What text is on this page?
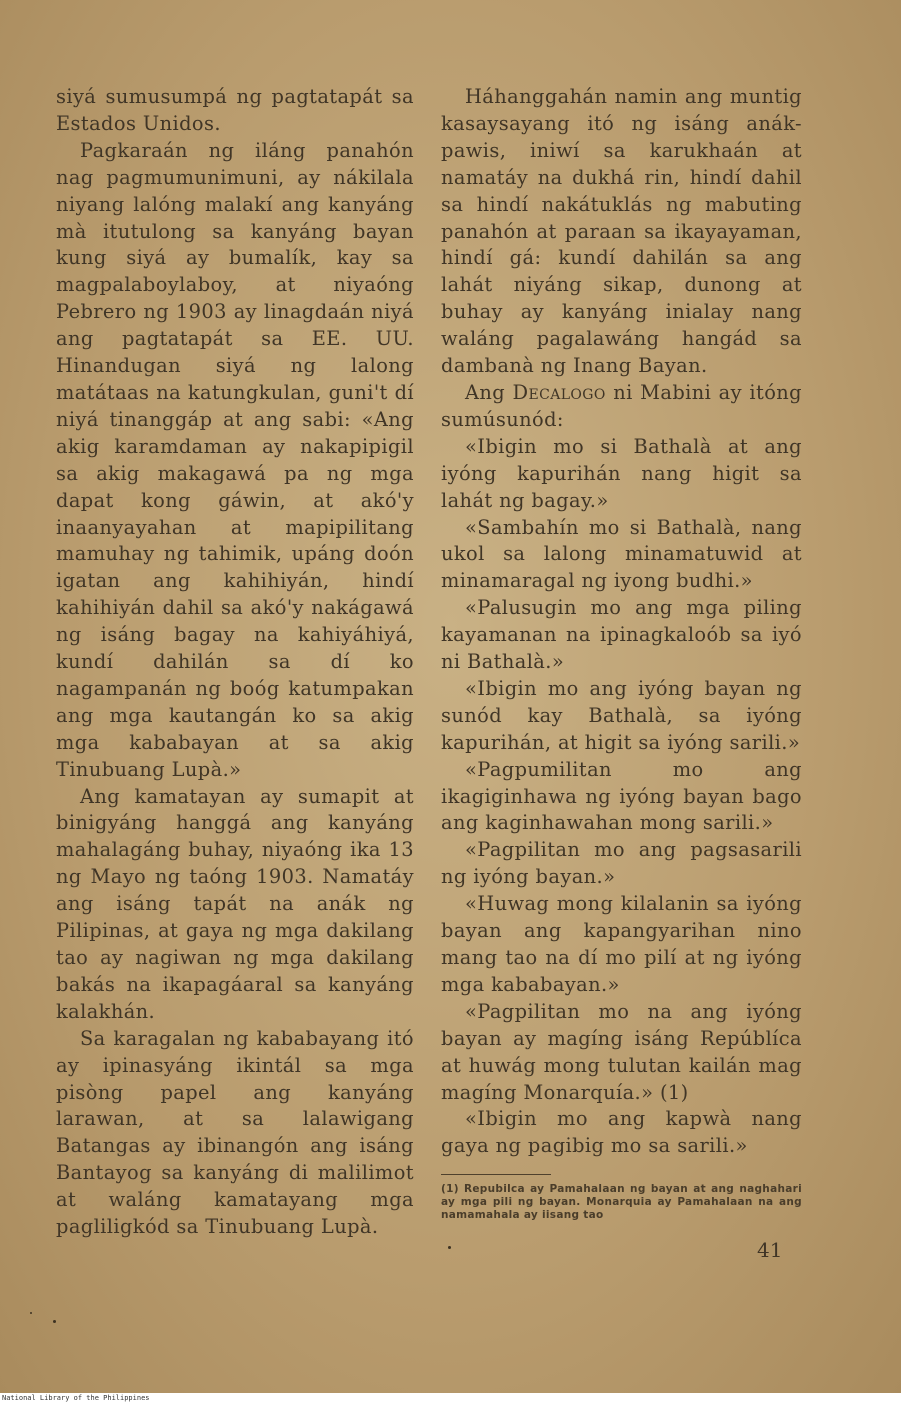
siyá sumusumpá ng pagtatapát sa Estados Unidos.

Pagkaraán ng iláng panahón nag pagmumunimuni, ay nákilala niyang lalóng malakí ang kanyáng mà itutulong sa kanyáng bayan kung siyá ay bumalík, kay sa magpalaboylaboy, at niyaóng Pebrero ng 1903 ay linagdaán niyá ang pagtatapát sa EE. UU. Hinandugan siyá ng lalong matátaas na katungkulan, guni't dí niyá tinanggáp at ang sabi: «Ang akig karamdaman ay nakapipigil sa akig makagawá pa ng mga dapat kong gáwin, at akó'y inaanyayahan at mapipilitang mamuhay ng tahimik, upáng doón igatan ang kahihiyán, hindí kahihiyán dahil sa akó'y nakágawá ng isáng bagay na kahiyáhiyá, kundí dahilán sa dí ko nagampanán ng boóg katumpakan ang mga kautangán ko sa akig mga kababayan at sa akig Tinubuang Lupà.»

Ang kamatayan ay sumapit at binigyáng hanggá ang kanyáng mahalagáng buhay, niyaóng ika 13 ng Mayo ng taóng 1903. Namatáy ang isáng tapát na anák ng Pilipinas, at gaya ng mga dakilang tao ay nagiwan ng mga dakilang bakás na ikapagáaral sa kanyáng kalakhán.

Sa karagalan ng kababayang itó ay ipinasyáng ikintál sa mga pisòng papel ang kanyáng larawan, at sa lalawigang Batangas ay ibinangón ang isáng Bantayog sa kanyáng di malilimot at waláng kamatayang mga pagliligkód sa Tinubuang Lupà.

Háhanggahán namin ang muntig kasaysayang itó ng isáng anák-pawis, iniwí sa karukhaán at namatáy na dukhá rin, hindí dahil sa hindí nakátuklás ng mabuting panahón at paraan sa ikayayaman, hindí gá: kundí dahilán sa ang lahát niyáng sikap, dunong at buhay ay kanyáng inialay nang waláng pagalawáng hangád sa dambanà ng Inang Bayan.

Ang Decalogo ni Mabini ay itóng sumúsunód:

«Ibigin mo si Bathalà at ang iyóng kapurihán nang higit sa lahát ng bagay.»

«Sambahín mo si Bathalà, nang ukol sa lalong minamatuwid at minamaragal ng iyong budhi.»

«Palusugin mo ang mga piling kayamanan na ipinagkaloób sa iyó ni Bathalà.»

«Ibigin mo ang iyóng bayan ng sunód kay Bathalà, sa iyóng kapurihán, at higit sa iyóng sarili.»

«Pagpumilitan mo ang ikagiginhawa ng iyóng bayan bago ang kaginhawahan mong sarili.»

«Pagpilitan mo ang pagsasarili ng iyóng bayan.»

«Huwag mong kilalanin sa iyóng bayan ang kapangyarihan nino mang tao na dí mo pilí at ng iyóng mga kababayan.»

«Pagpilitan mo na ang iyóng bayan ay magíng isáng Repúblíca at huwág mong tulutan kailán mag magíng Monarquía.» (1)

«Ibigin mo ang kapwà nang gaya ng pagibig mo sa sarili.»

(1) Repubilca ay Pamahalaan ng bayan at ang naghahari ay mga pili ng bayan. Monarquia ay Pamahalaan na ang namamahala ay iisang tao

41
National Library of the Philippines
